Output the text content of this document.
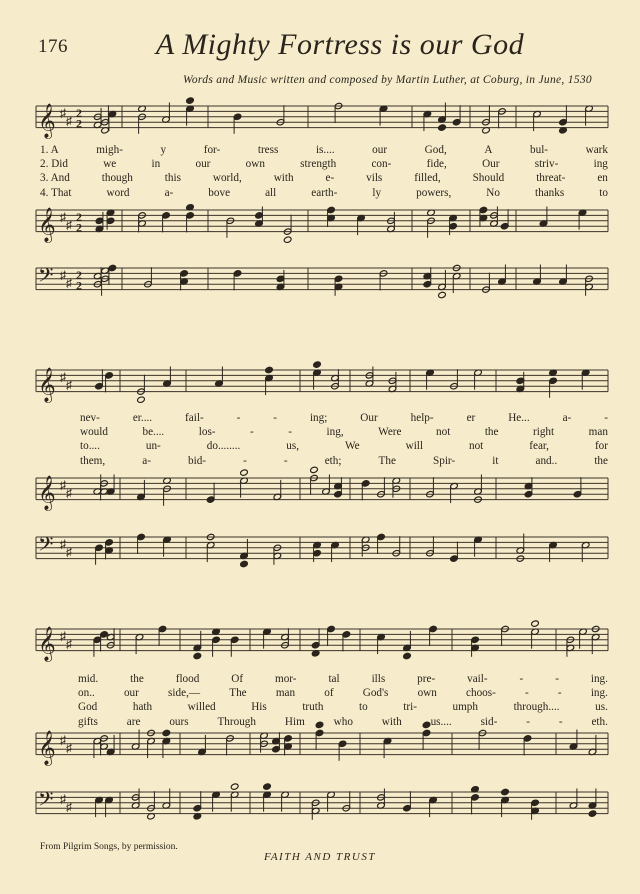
176	A Mighty Fortress is our God
Words and Music written and composed by Martin Luther, at Coburg, in June, 1530
𝄞 ♯
♯
2
2
𝄞 ♯
♯
2
2
𝄢 ♯
♯
2
2
𝄞 ♯
♯
𝄞 ♯
♯
𝄢 ♯
♯
𝄞 ♯
♯
𝄞 ♯
♯
𝄢 ♯
♯
1. A	migh-	y	for-	tress	is....	our	God,	A	bul-	wark
2. Did	we	in	our	own	strength	con-	fide,	Our	striv-	ing
3. And	though	this	world,	with	e-	vils	filled,	Should	threat-	en
4. That	word	a-	bove	all	earth-	ly	powers,	No	thanks	to
nev-	er....	fail-	-	-	ing;	Our	help-	er	He...	a-	-
would	be....	los-	-	-	ing,	Were	not	the	right	man
to....	un-	do........	us,	We	will	not	fear,	for
them,	a-	bid-	-	-	eth;	The	Spir-	it	and..	the
mid.	the	flood	Of	mor-	tal	ills	pre-	vail-	-	-	ing.
on..	our	side,—	The	man	of	God's	own	choos-	-	-	ing.
God	hath	willed	His	truth	to	tri-	umph	through....	us.
gifts	are	ours	Through	Him	who	with	us....	sid-	-	-	eth.
From Pilgrim Songs, by permission.
FAITH AND TRUST
